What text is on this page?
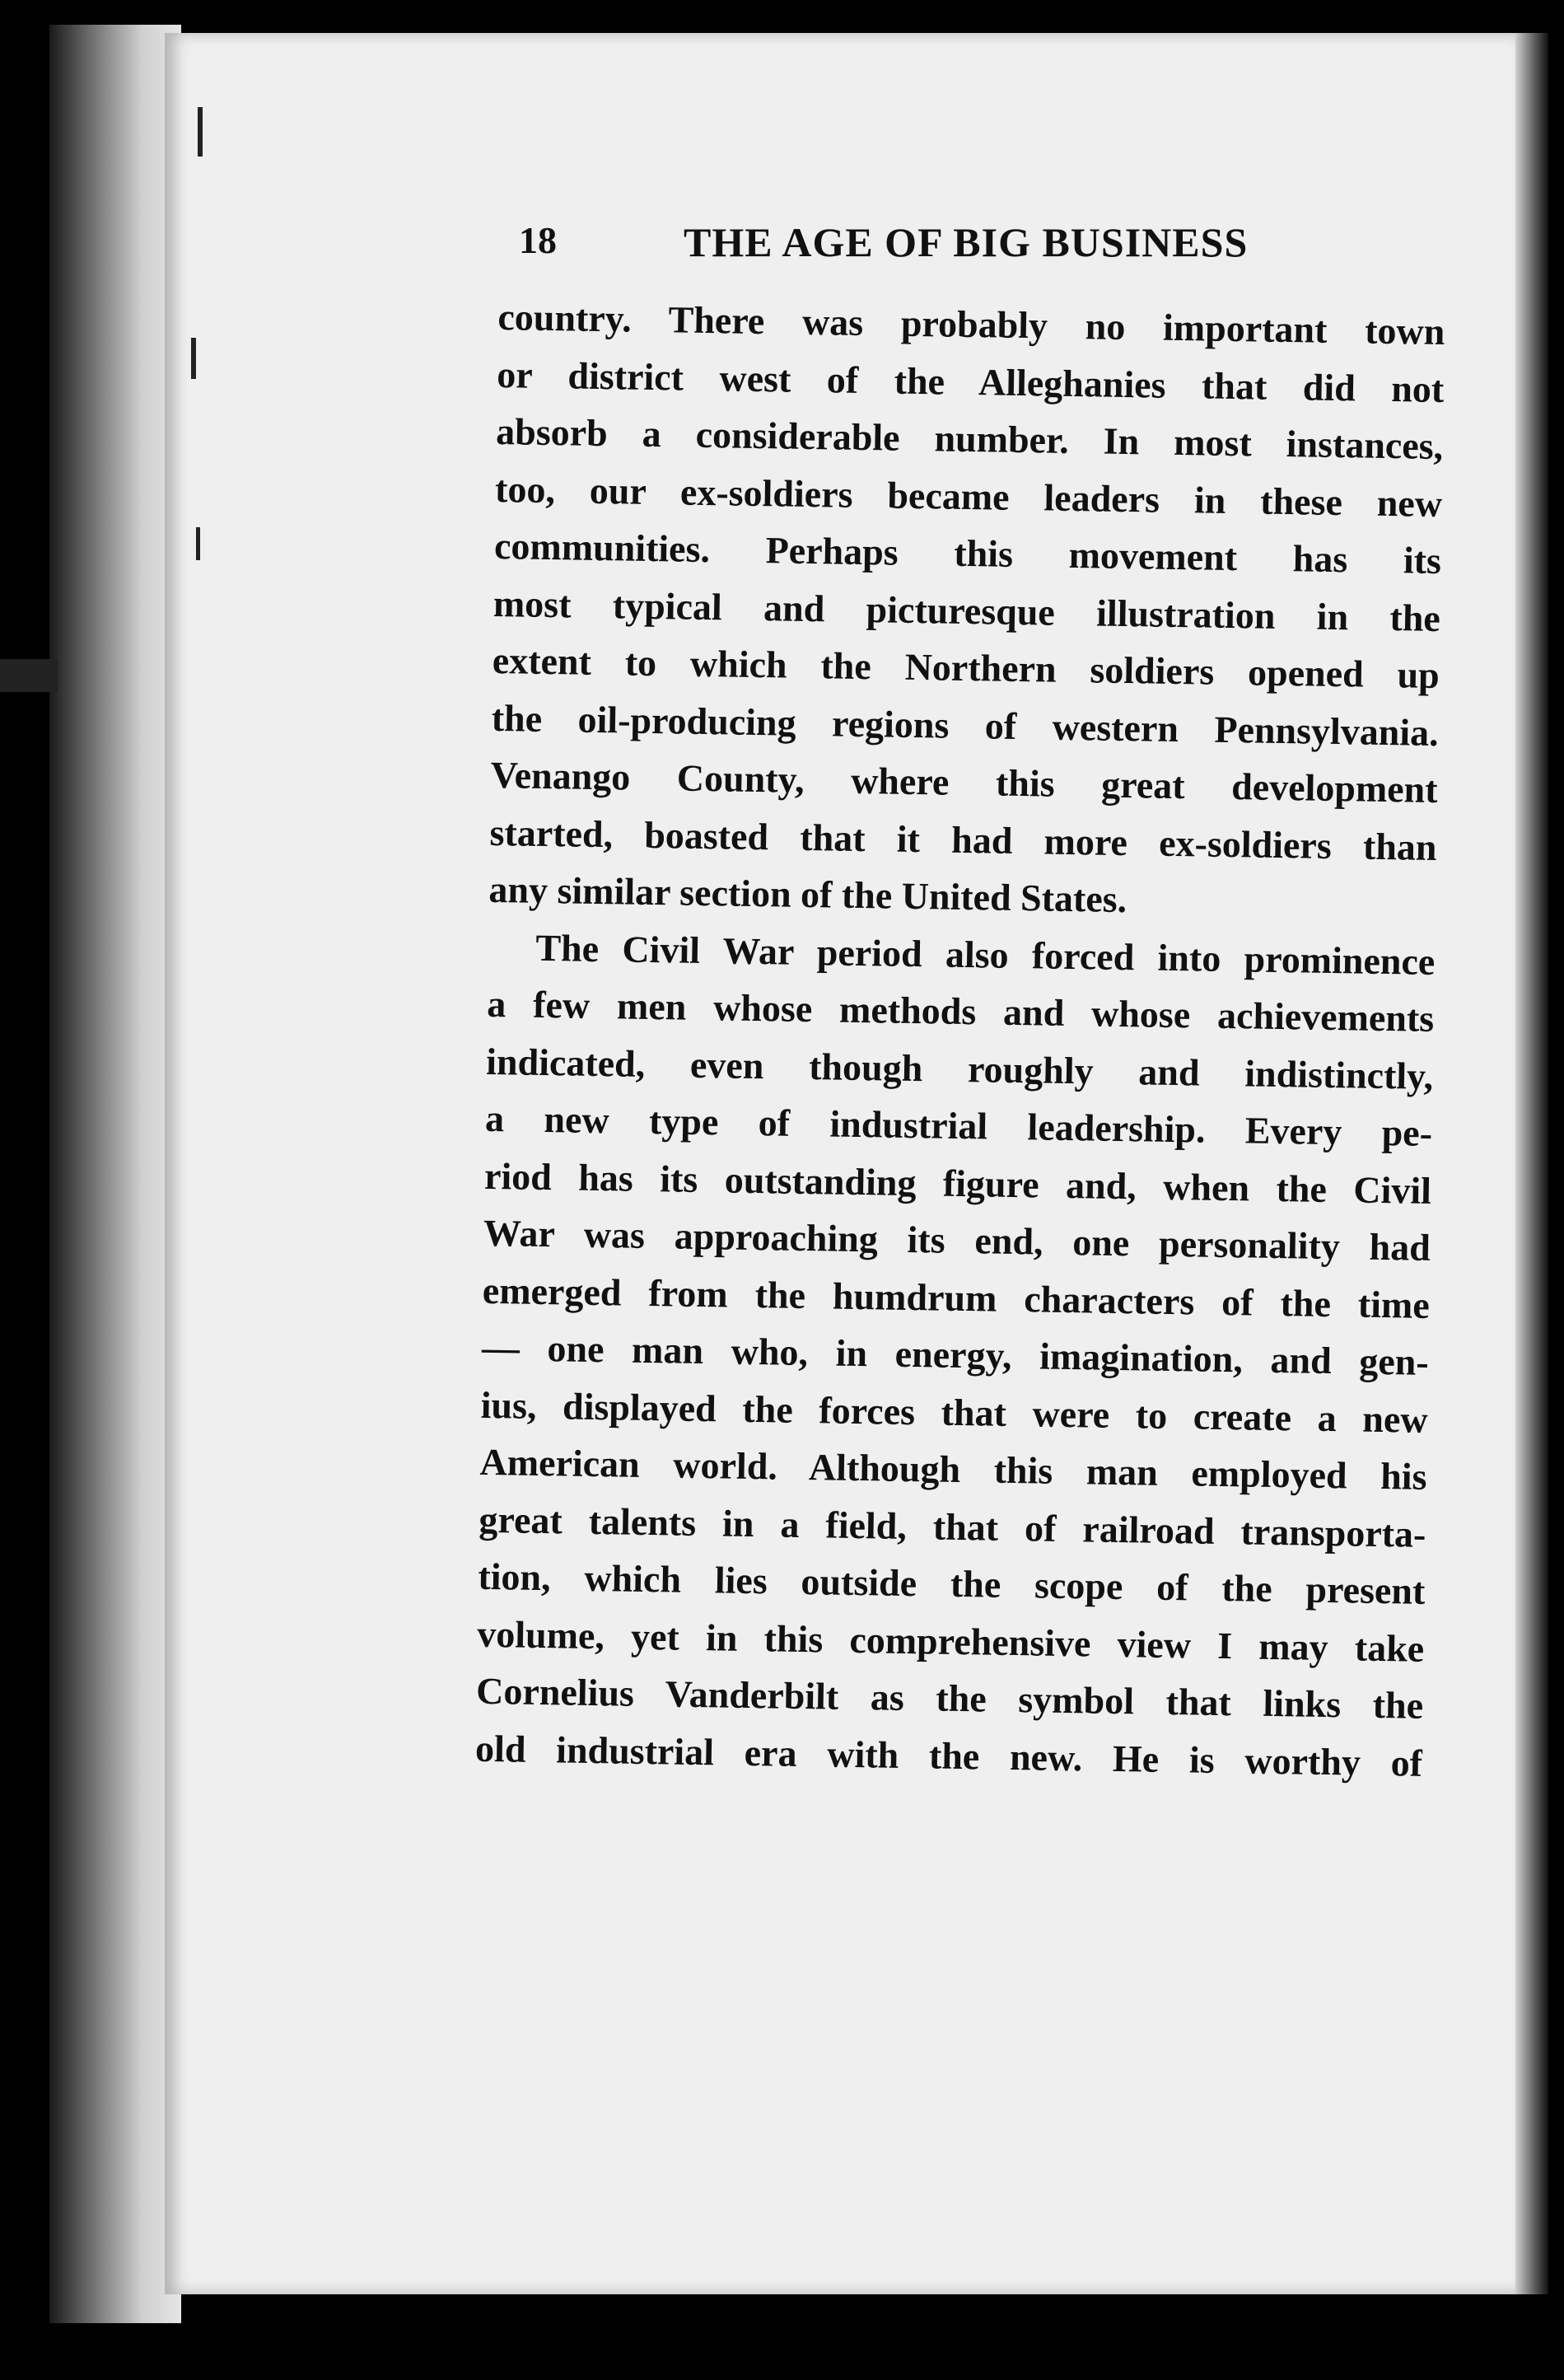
18	THE AGE OF BIG BUSINESS
country. There was probably no important town
or district west of the Alleghanies that did not
absorb a considerable number. In most instances,
too, our ex-soldiers became leaders in these new
communities. Perhaps this movement has its
most typical and picturesque illustration in the
extent to which the Northern soldiers opened up
the oil-producing regions of western Pennsylvania.
Venango County, where this great development
started, boasted that it had more ex-soldiers than
any similar section of the United States.
The Civil War period also forced into prominence
a few men whose methods and whose achievements
indicated, even though roughly and indistinctly,
a new type of industrial leadership. Every pe-
riod has its outstanding figure and, when the Civil
War was approaching its end, one personality had
emerged from the humdrum characters of the time
— one man who, in energy, imagination, and gen-
ius, displayed the forces that were to create a new
American world. Although this man employed his
great talents in a field, that of railroad transporta-
tion, which lies outside the scope of the present
volume, yet in this comprehensive view I may take
Cornelius Vanderbilt as the symbol that links the
old industrial era with the new. He is worthy of
